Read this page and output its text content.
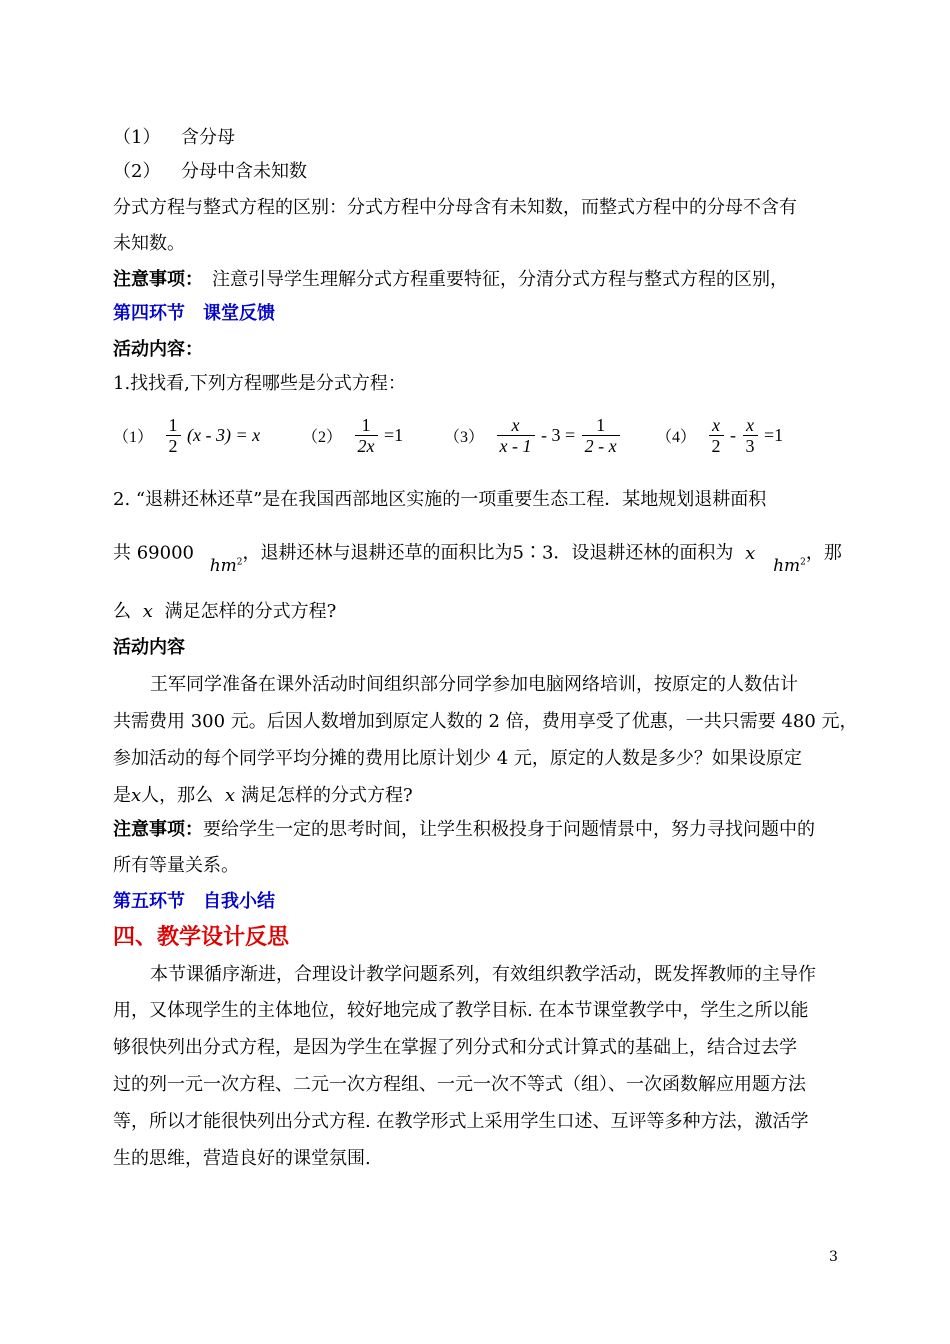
（1） 含分母
（2） 分母中含未知数
分式方程与整式方程的区别：分式方程中分母含有未知数，而整式方程中的分母不含有
未知数。
注意事项：　 注意引导学生理解分式方程重要特征，分清分式方程与整式方程的区别，
第四环节　课堂反馈
活动内容：
1.找找看,下列方程哪些是分式方程：
$(1) \frac{1}{2} (x - 3) = x$	$(2) \frac{1}{2x} =1$	$(3) \frac{x}{x - 1} - 3 = \frac{1}{2 - x} (4) \frac{x}{2} - \frac{x}{3} =1$
2. “退耕还林还草”是在我国西部地区实施的一项重要生态工程．某地规划退耕面积
共 69000 $hm^2$，退耕还林与退耕还草的面积比为5∶3．设退耕还林的面积为 x $hm^2$，那
么 x 满足怎样的分式方程?
活动内容
王军同学准备在课外活动时间组织部分同学参加电脑网络培训，按原定的人数估计
共需费用 300 元。后因人数增加到原定人数的 2 倍，费用享受了优惠，一共只需要 480 元，
参加活动的每个同学平均分摊的费用比原计划少 4 元，原定的人数是多少？如果设原定
是x人，那么 x 满足怎样的分式方程?
注意事项：要给学生一定的思考时间，让学生积极投身于问题情景中，努力寻找问题中的
所有等量关系。
第五环节　自我小结
四、教学设计反思
本节课循序渐进，合理设计教学问题系列，有效组织教学活动，既发挥教师的主导作
用，又体现学生的主体地位，较好地完成了教学目标. 在本节课堂教学中，学生之所以能
够很快列出分式方程，是因为学生在掌握了列分式和分式计算式的基础上，结合过去学
过的列一元一次方程、二元一次方程组、一元一次不等式（组）、一次函数解应用题方法
等，所以才能很快列出分式方程. 在教学形式上采用学生口述、互评等多种方法，激活学
生的思维，营造良好的课堂氛围.
3
